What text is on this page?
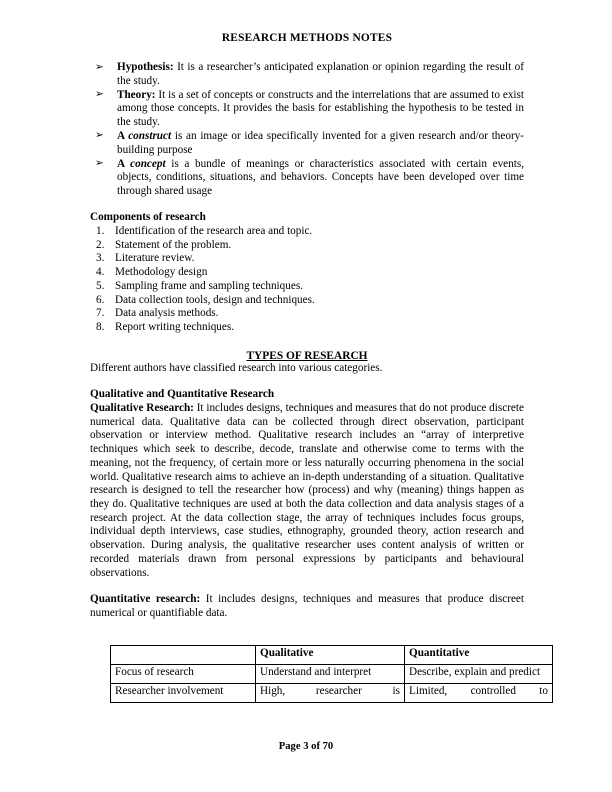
RESEARCH METHODS NOTES
➢ Hypothesis: It is a researcher’s anticipated explanation or opinion regarding the result of the study.
➢ Theory: It is a set of concepts or constructs and the interrelations that are assumed to exist among those concepts. It provides the basis for establishing the hypothesis to be tested in the study.
➢ A construct is an image or idea specifically invented for a given research and/or theory-building purpose
➢ A concept is a bundle of meanings or characteristics associated with certain events, objects, conditions, situations, and behaviors. Concepts have been developed over time through shared usage
Components of research
1. Identification of the research area and topic.
2. Statement of the problem.
3. Literature review.
4. Methodology design
5. Sampling frame and sampling techniques.
6. Data collection tools, design and techniques.
7. Data analysis methods.
8. Report writing techniques.
TYPES OF RESEARCH

Different authors have classified research into various categories.

Qualitative and Quantitative Research

Qualitative Research: It includes designs, techniques and measures that do not produce discrete numerical data. Qualitative data can be collected through direct observation, participant observation or interview method. Qualitative research includes an “array of interpretive techniques which seek to describe, decode, translate and otherwise come to terms with the meaning, not the frequency, of certain more or less naturally occurring phenomena in the social world. Qualitative research aims to achieve an in-depth understanding of a situation. Qualitative research is designed to tell the researcher how (process) and why (meaning) things happen as they do. Qualitative techniques are used at both the data collection and data analysis stages of a research project. At the data collection stage, the array of techniques includes focus groups, individual depth interviews, case studies, ethnography, grounded theory, action research and observation. During analysis, the qualitative researcher uses content analysis of written or recorded materials drawn from personal expressions by participants and behavioural observations.

Quantitative research: It includes designs, techniques and measures that produce discreet numerical or quantifiable data.

	Qualitative	Quantitative
Focus of research	Understand and interpret	Describe, explain and predict
Researcher involvement	High, researcher is	Limited, controlled to
Page 3 of 70
